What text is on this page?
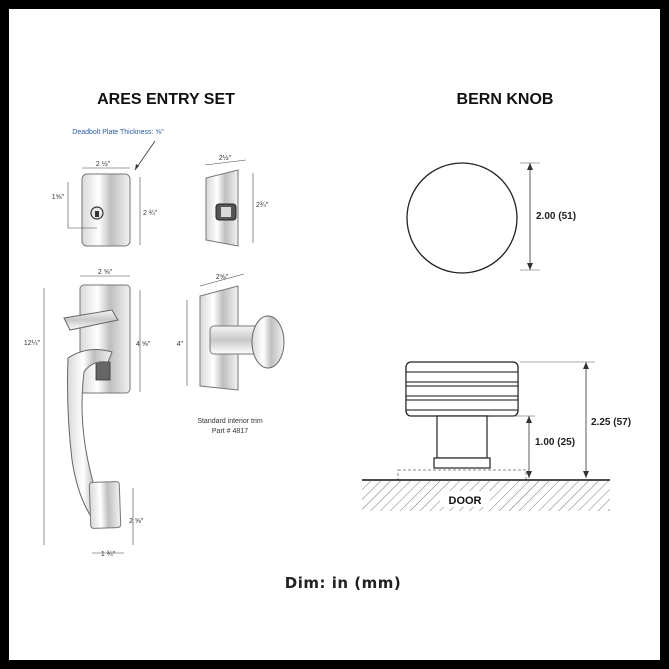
ARES ENTRY SET	BERN KNOB
Deadbolt Plate Thickness: ⅝"
2 ½"
1⅝"
2 ¾"
2½"
2¾"
2 ⅝"
12¼"	4 ⅝"
2 ⅝"
1 ¾"
2⅝"
4"
Standard interior trim
Part # 4817
2.00 (51)
DOOR
2.25 (57)
1.00 (25)
Dim: in (mm)
